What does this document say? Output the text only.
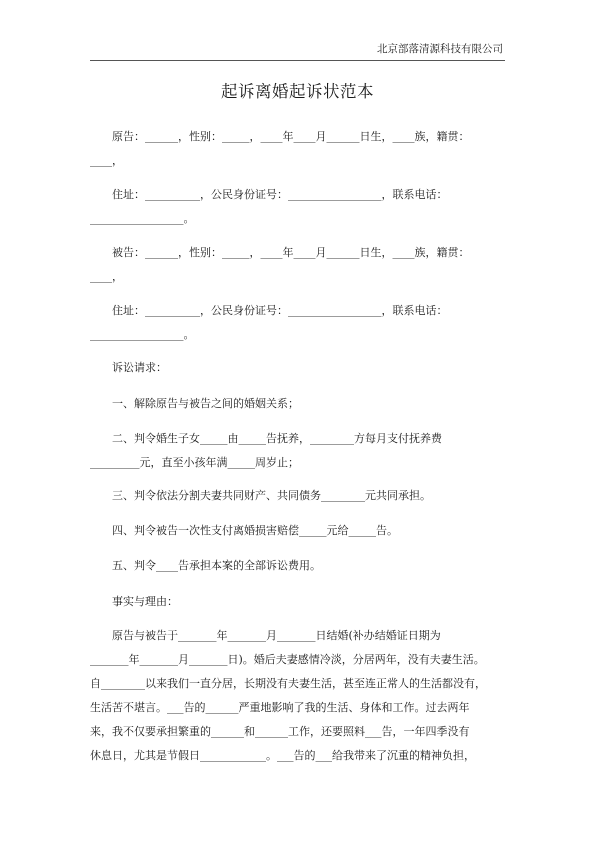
北京部落清源科技有限公司
起诉离婚起诉状范本

原告：______，性别：_____，____年____月______日生，____族，籍贯：
____，

住址：__________，公民身份证号：_________________，联系电话：
_________________。

被告：______，性别：_____，____年____月______日生，____族，籍贯：
____，

住址：__________，公民身份证号：_________________，联系电话：
_________________。

诉讼请求：

一、解除原告与被告之间的婚姻关系；

二、判令婚生子女_____由_____告抚养，________方每月支付抚养费
_________元，直至小孩年满_____周岁止；

三、判令依法分割夫妻共同财产、共同债务________元共同承担。

四、判令被告一次性支付离婚损害赔偿_____元给_____告。

五、判令____告承担本案的全部诉讼费用。

事实与理由：

原告与被告于_______年_______月_______日结婚(补办结婚证日期为
_______年_______月_______日)。婚后夫妻感情冷淡，分居两年，没有夫妻生活。
自________以来我们一直分居，长期没有夫妻生活，甚至连正常人的生活都没有，
生活苦不堪言。___告的______严重地影响了我的生活、身体和工作。过去两年
来，我不仅要承担繁重的______和______工作，还要照料___告，一年四季没有
休息日，尤其是节假日____________。___告的___给我带来了沉重的精神负担，
